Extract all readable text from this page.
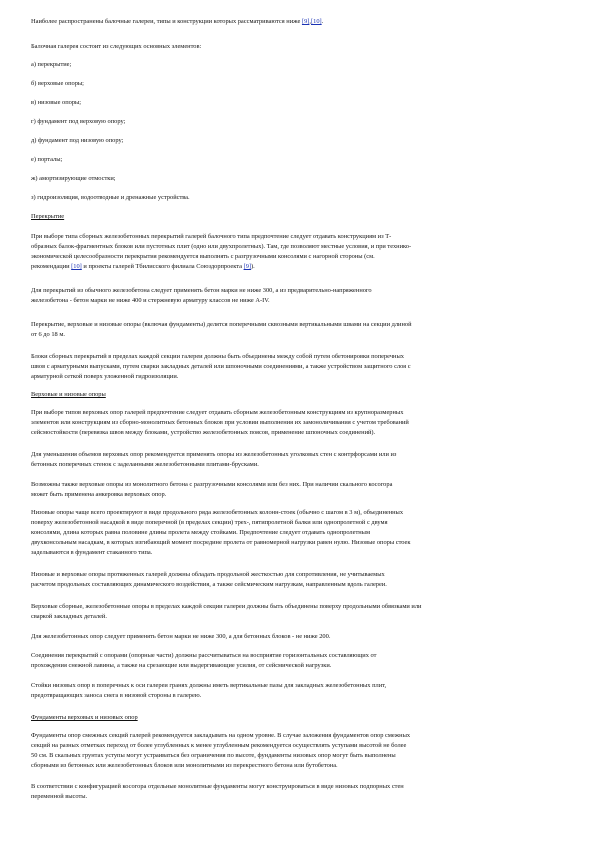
Наиболее распространены балочные галереи, типы и конструкции которых рассматриваются ниже [9],[10].

Балочная галерея состоит из следующих основных элементов:

а) перекрытие;

б) верховые опоры;

в) низовые опоры;

г) фундамент под верховую опору;

д) фундамент под низовую опору;

е) порталы;

ж) амортизирующие отмостки;

з) гидроизоляция, водоотводные и дренажные устройства.

Перекрытие

При выборе типа сборных железобетонных перекрытий галерей балочного типа предпочтение следует отдавать конструкциям из Т-
образных балок-фрагментных блоков или пустотных плит (одно или двухпролетных). Там, где позволяют местные условия, и при технико-
экономической целесообразности перекрытия рекомендуется выполнять с разгрузочными консолями с нагорной стороны (см.
рекомендации [10] и проекты галерей Тбилисского филиала Союздорпроекта [9]).

Для перекрытий из обычного железобетона следует применять бетон марки не ниже 300, а из предварительно-напряженного
железобетона - бетон марки не ниже 400 и стержневую арматуру классов не ниже А-IV.

Перекрытие, верховые и низовые опоры (включая фундаменты) делятся поперечными сквозными вертикальными швами на секции длиной
от 6 до 18 м.

Блоки сборных перекрытий в пределах каждой секции галереи должны быть объединены между собой путем обетонировки поперечных
швов с арматурными выпусками, путем сварки закладных деталей или шпоночными соединениями, а также устройством защитного слоя с
арматурной сеткой поверх уложенной гидроизоляции.

Верховые и низовые опоры

При выборе типов верховых опор галерей предпочтение следует отдавать сборным железобетонным конструкциям из крупноразмерных
элементов или конструкциям из сборно-монолитных бетонных блоков при условии выполнения их замоноличивания с учетом требований
сейсмостойкости (перевязка швов между блоками, устройство железобетонных поясов, применение шпоночных соединений).

Для уменьшения объемов верховых опор рекомендуется применять опоры из железобетонных уголковых стен с контрфорсами или из
бетонных поперечных стенок с заделанными железобетонными плитами-брусками.

Возможны также верховые опоры из монолитного бетона с разгрузочными консолями или без них. При наличии скального косогора
может быть применена анкеровка верховых опор.

Низовые опоры чаще всего проектируют в виде продольного ряда железобетонных колонн-стоек (обычно с шагом в 3 м), объединенных
поверху железобетонной насадкой в виде поперечной (в пределах секции) трех-, пятипролетной балки или однопролетной с двумя
консолями, длина которых равна половине длины пролета между стойками. Предпочтение следует отдавать однопролетным
двухконсольным насадкам, в которых изгибающий момент посредине пролета от равномерной нагрузки равен нулю. Низовые опоры стоек
заделываются в фундамент стаканного типа.

Низовые и верховые опоры протяженных галерей должны обладать продольной жесткостью для сопротивления, не учитываемых
расчетом продольных составляющих динамического воздействия, а также сейсмическим нагрузкам, направленным вдоль галереи.

Верховые сборные, железобетонные опоры в пределах каждой секции галереи должны быть объединены поверху продольными обвязками или
сваркой закладных деталей.

Для железобетонных опор следует применять бетон марки не ниже 300, а для бетонных блоков - не ниже 200.

Соединения перекрытий с опорами (опорные части) должны рассчитываться на восприятие горизонтальных составляющих от
прохождения снежной лавины, а также на срезающие или выдергивающие усилия, от сейсмической нагрузки.

Стойки низовых опор в поперечных к оси галереи гранях должны иметь вертикальные пазы для закладных железобетонных плит,
предотвращающих заноса снега в низовой стороны в галерею.

Фундаменты верховых и низовых опор

Фундаменты опор смежных секций галерей рекомендуется закладывать на одном уровне. В случае заложения фундаментов опор смежных
секций на разных отметках переход от более углубленных к менее углубленным рекомендуется осуществлять уступами высотой не более
50 см. В скальных грунтах уступы могут устраиваться без ограничения по высоте, фундаменты низовых опор могут быть выполнены
сборными из бетонных или железобетонных блоков или монолитными из перекрестного бетона или бутобетона.

В соответствии с конфигурацией косогора отдельные монолитные фундаменты могут конструироваться в виде низовых подпорных стен
переменной высоты.
